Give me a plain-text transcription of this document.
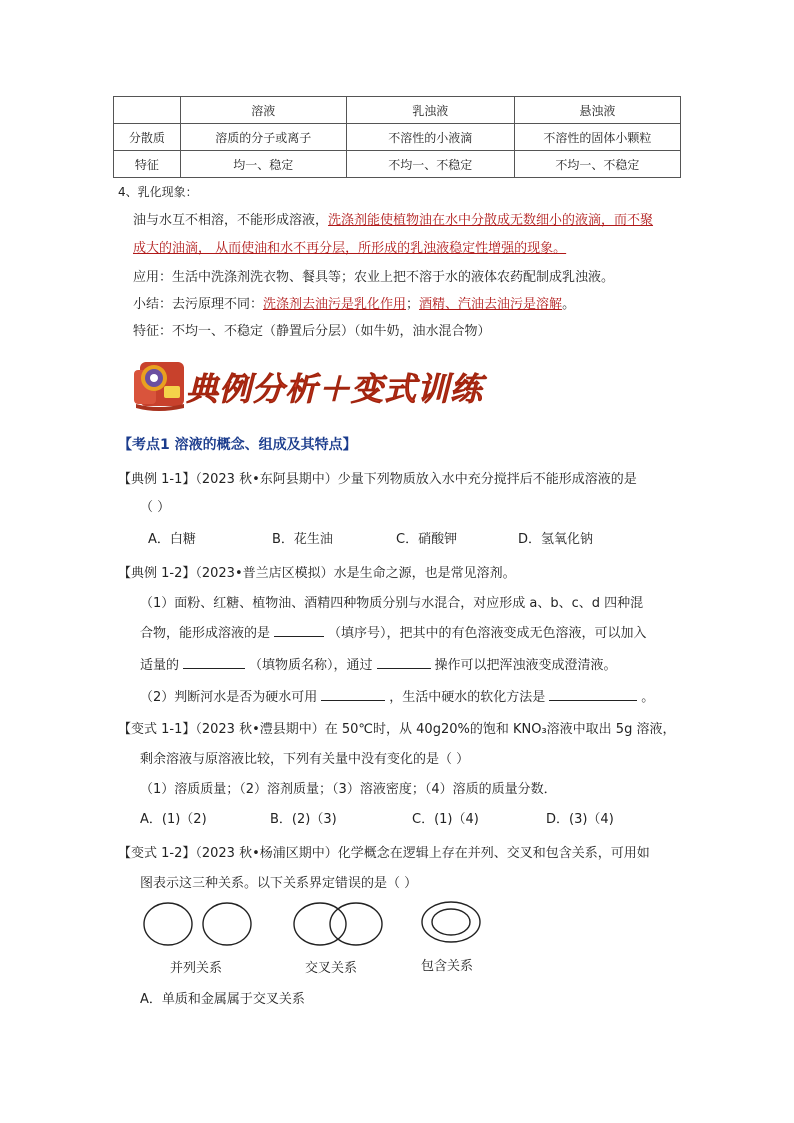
	溶液	乳浊液	悬浊液
分散质	溶质的分子或离子	不溶性的小液滴	不溶性的固体小颗粒
特征	均一、稳定	不均一、不稳定	不均一、不稳定
4、乳化现象：
油与水互不相溶，不能形成溶液，洗涤剂能使植物油在水中分散成无数细小的液滴，而不聚
成大的油滴， 从而使油和水不再分层，所形成的乳浊液稳定性增强的现象。
应用：生活中洗涤剂洗衣物、餐具等；农业上把不溶于水的液体农药配制成乳浊液。
小结：去污原理不同：洗涤剂去油污是乳化作用；酒精、汽油去油污是溶解。
特征：不均一、不稳定（静置后分层）（如牛奶，油水混合物）
典例分析＋变式训练
【考点1 溶液的概念、组成及其特点】
【典例 1-1】（2023 秋•东阿县期中）少量下列物质放入水中充分搅拌后不能形成溶液的是
（ ）
A．白糖	B．花生油	C．硝酸钾	D．氢氧化钠
【典例 1-2】（2023•普兰店区模拟）水是生命之源，也是常见溶剂。
（1）面粉、红糖、植物油、酒精四种物质分别与水混合，对应形成 a、b、c、d 四种混
合物，能形成溶液的是	（填序号），把其中的有色溶液变成无色溶液，可以加入
适量的	（填物质名称），通过	操作可以把浑浊液变成澄清液。
（2）判断河水是否为硬水可用	，生活中硬水的软化方法是	。
【变式 1-1】（2023 秋•澧县期中）在 50℃时，从 40g20%的饱和 KNO₃溶液中取出 5g 溶液，
剩余溶液与原溶液比较，下列有关量中没有变化的是（ ）
（1）溶质质量；（2）溶剂质量；（3）溶液密度；（4）溶质的质量分数．
A．(1)（2)	B．(2)（3)	C．(1)（4)	D．(3)（4)
【变式 1-2】（2023 秋•杨浦区期中）化学概念在逻辑上存在并列、交叉和包含关系，可用如
图表示这三种关系。以下关系界定错误的是（ ）
并列关系	交叉关系	包含关系
A．单质和金属属于交叉关系
